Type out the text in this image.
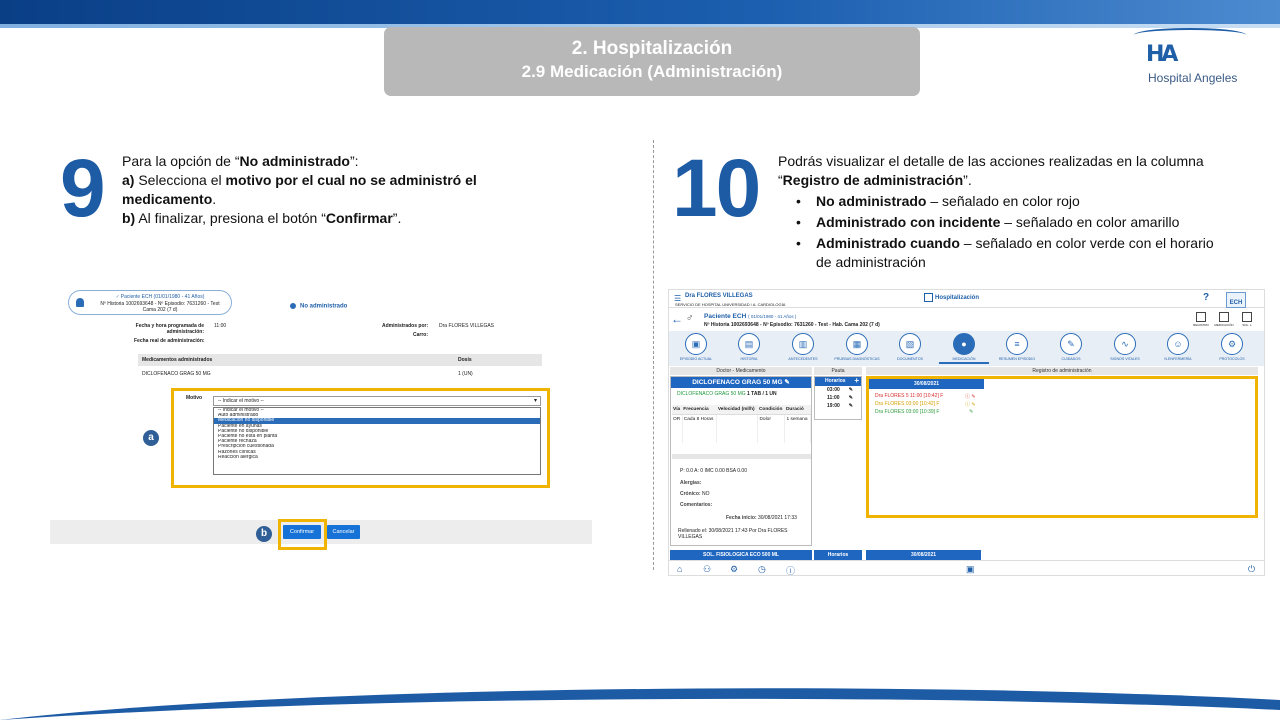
2. Hospitalización
2.9 Medicación (Administración)
HA
Hospital Angeles
9 Para la opción de “No administrado”:
a) Selecciona el motivo por el cual no se administró el medicamento.
b) Al finalizar, presiona el botón “Confirmar”.	10 Podrás visualizar el detalle de las acciones realizadas en la columna “Registro de administración”.
• No administrado – señalado en color rojo
• Administrado con incidente – señalado en color amarillo
• Administrado cuando – señalado en color verde con el horario de administración
♂ Paciente ECH (01/01/1980 - 41 Años)
Nº Historia 1002693648 - Nº Episodio: 7631260 - Test
Cama 202 (7 d)
No administrado
Fecha y hora programada de administración:
11:00
Fecha real de administración:
Administrados por: Dra FLORES VILLEGAS
Carro:
Medicamentos administrados	Dosis
DICLOFENACO GRAG 50 MG	1 (UN)
Motivo	-- Indicar el motivo -- ▾
-- Indicar el motivo --
Auto administrado
Medicación no disponible
Paciente en ayunas
Paciente no disponible
Paciente no está en planta
Paciente rechaza
Prescripción cuestionada
Razones clínicas
Reacción alérgica
a
Confirmar	Cancelar
b
☰ Dra FLORES VILLEGAS
SERVICIO DE HOSPITAL UNIVERSIDAD / A. CARDIOLOGÍA
Hospitalización	?	ECH
← ♂ Paciente ECH ( 01/01/1980 - 41 Años )
Nº Historia 1002693648 - Nº Episodio: 7631260 - Test - Hab. Cama 202 (7 d)	REGISTRO	MEDICACIÓN	SOL. L
▣
EPISODIO ACTUAL
▤
HISTORIA
▥
ANTECEDENTES
▦
PRUEBAS DIAGNÓSTICAS
▧
DOCUMENTOS
●
MEDICACIÓN
≡
RESUMEN EPISODIO
✎
CUIDADOS
∿
SIGNOS VITALES
☺
N.ENFERMERÍA
⚙
PROTOCOLOS
Doctor - Medicamento	Pauta	Registro de administración
DICLOFENACO GRAG 50 MG ✎
DICLOFENACO GRAG 50 MG 1 TAB / 1 UN
Vía	Frecuencia	Velocidad (ml/h)	Condición	Duració
OR	Cada 8 Horas		Dolor	1 semana
P: 0.0 A: 0 IMC 0.00 BSA 0.00
Alergias:
Crónico: NO
Comentarios:
Fecha inicio: 30/08/2021 17:33
Rellenado el: 30/08/2021 17:43 Por Dra FLORES VILLEGAS
Horarios +
03:00 ✎
11:00 ✎
19:00 ✎
30/08/2021
Dra FLORES 5 11:00 [10:42] F	ⓘ ✎
Dra FLORES 03:00 [10:42] F	ⓘ ✎
Dra FLORES 03:00 [10:39] F	✎
SOL. FISIOLOGICA ECO 500 ML	Horarios	30/08/2021
⌂ ⚇ ⚙ ◷ ⓘ	▣	⏻
